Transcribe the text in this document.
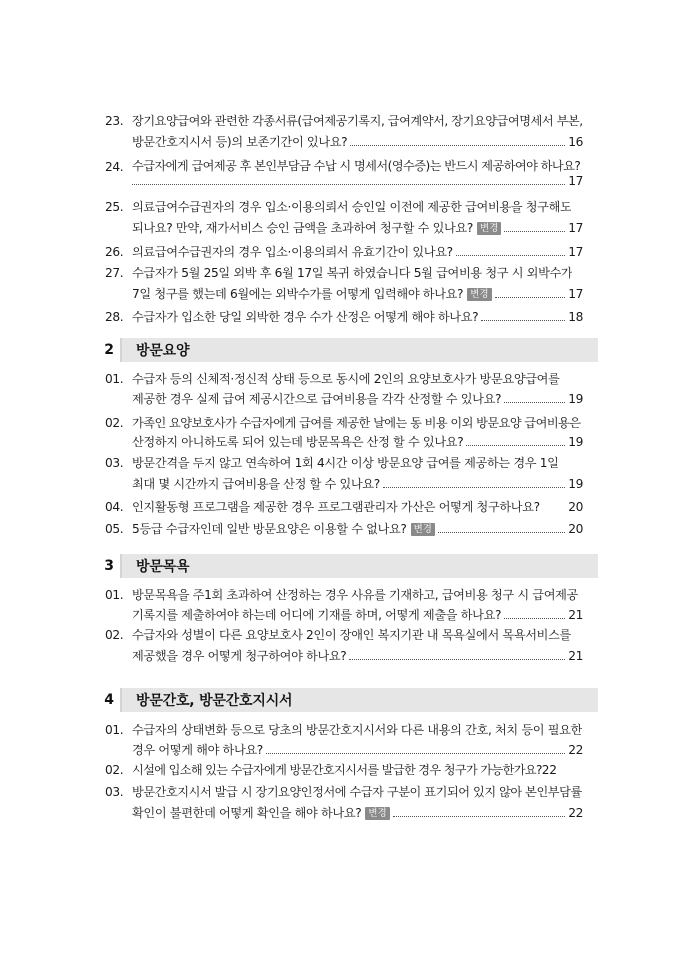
23. 장기요양급여와 관련한 각종서류(급여제공기록지, 급여계약서, 장기요양급여명세서 부본,
방문간호지시서 등)의 보존기간이 있나요?	16
24. 수급자에게 급여제공 후 본인부담금 수납 시 명세서(영수증)는 반드시 제공하여야 하나요?
17
25. 의료급여수급권자의 경우 입소·이용의뢰서 승인일 이전에 제공한 급여비용을 청구해도
되나요? 만약, 재가서비스 승인 금액을 초과하여 청구할 수 있나요? 변경	17
26. 의료급여수급권자의 경우 입소·이용의뢰서 유효기간이 있나요?	17
27. 수급자가 5월 25일 외박 후 6월 17일 복귀 하였습니다 5월 급여비용 청구 시 외박수가
7일 청구를 했는데 6월에는 외박수가를 어떻게 입력해야 하나요? 변경	17
28. 수급자가 입소한 당일 외박한 경우 수가 산정은 어떻게 해야 하나요?	18
2	방문요양
01. 수급자 등의 신체적·정신적 상태 등으로 동시에 2인의 요양보호사가 방문요양급여를
제공한 경우 실제 급여 제공시간으로 급여비용을 각각 산정할 수 있나요?	19
02. 가족인 요양보호사가 수급자에게 급여를 제공한 날에는 동 비용 이외 방문요양 급여비용은
산정하지 아니하도록 되어 있는데 방문목욕은 산정 할 수 있나요?	19
03. 방문간격을 두지 않고 연속하여 1회 4시간 이상 방문요양 급여를 제공하는 경우 1일
최대 몇 시간까지 급여비용을 산정 할 수 있나요?	19
04. 인지활동형 프로그램을 제공한 경우 프로그램관리자 가산은 어떻게 청구하나요? 20
05. 5등급 수급자인데 일반 방문요양은 이용할 수 없나요? 변경	20
3	방문목욕
01. 방문목욕을 주1회 초과하여 산정하는 경우 사유를 기재하고, 급여비용 청구 시 급여제공
기록지를 제출하여야 하는데 어디에 기재를 하며, 어떻게 제출을 하나요?	21
02. 수급자와 성별이 다른 요양보호사 2인이 장애인 복지기관 내 목욕실에서 목욕서비스를
제공했을 경우 어떻게 청구하여야 하나요?	21
4	방문간호, 방문간호지시서
01. 수급자의 상태변화 등으로 당초의 방문간호지시서와 다른 내용의 간호, 처치 등이 필요한
경우 어떻게 해야 하나요?	22
02. 시설에 입소해 있는 수급자에게 방문간호지시서를 발급한 경우 청구가 가능한가요? 22
03. 방문간호지시서 발급 시 장기요양인정서에 수급자 구분이 표기되어 있지 않아 본인부담률
확인이 불편한데 어떻게 확인을 해야 하나요? 변경	22
